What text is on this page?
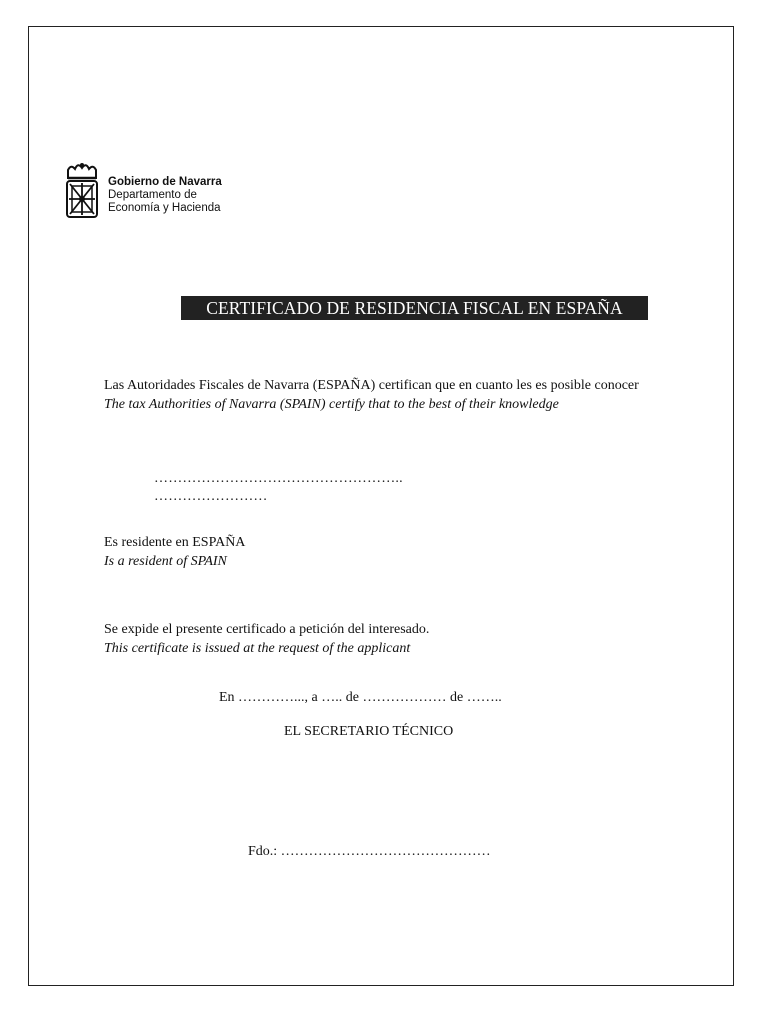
Gobierno de Navarra
Departamento de
Economía y Hacienda
CERTIFICADO DE RESIDENCIA FISCAL EN ESPAÑA
Las Autoridades Fiscales de Navarra (ESPAÑA) certifican que en cuanto les es posible conocer
The tax Authorities of Navarra (SPAIN) certify that to the best of their knowledge
……………………………………………..
……………………
Es residente en ESPAÑA
Is a resident of SPAIN
Se expide el presente certificado a petición del interesado.
This certificate is issued at the request of the applicant
En …………..., a ….. de ……………… de ……..
EL SECRETARIO TÉCNICO
Fdo.: ………………………………………
